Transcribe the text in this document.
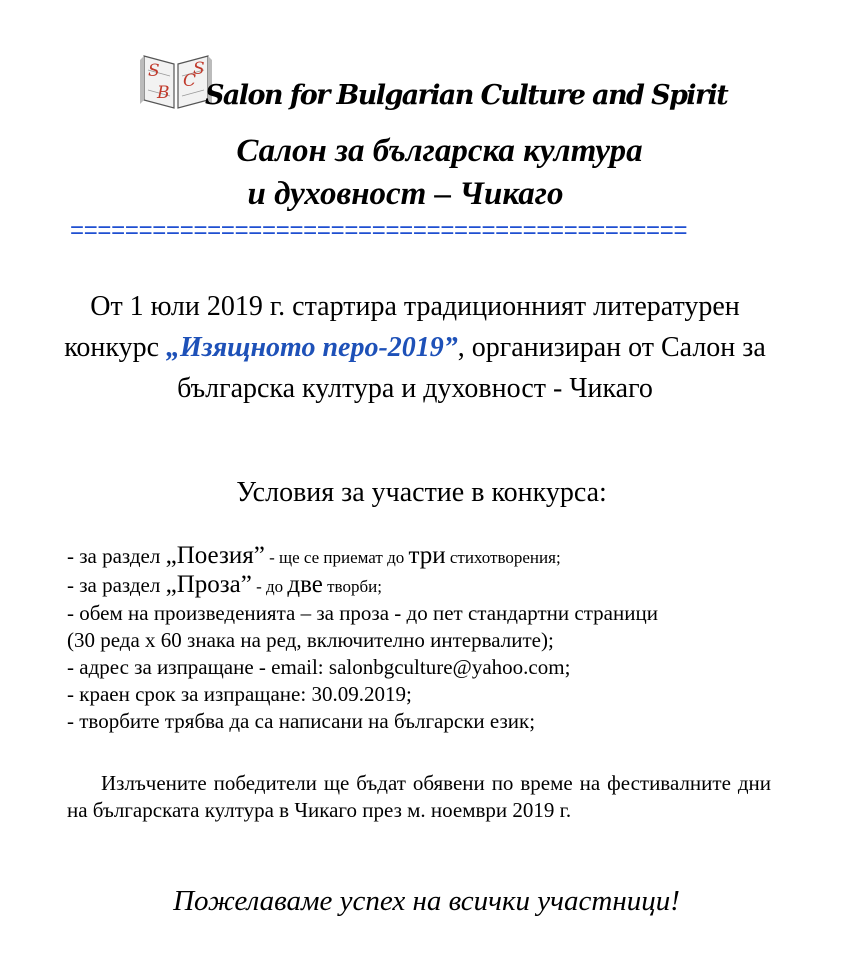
S
B
C
S
Salon for Bulgarian Culture and Spirit
Салон за българска култура
и духовност – Чикаго
=============================================
От 1 юли 2019 г. стартира традиционният литературен конкурс „Изящното перо-2019”, организиран от Салон за българска култура и духовност - Чикаго
Условия за участие в конкурса:
- за раздел „Поезия” - ще се приемат до три стихотворения;
- за раздел „Проза” - до две творби;
- обем на произведенията – за проза - до пет стандартни страници
(30 реда х 60 знака на ред, включително интервалите);
- адрес за изпращане - email: salonbgculture@yahoo.com;
- краен срок за изпращане: 30.09.2019;
- творбите трябва да са написани на български език;
Излъчените победители ще бъдат обявени по време на фестивалните дни на българската култура в Чикаго през м. ноември 2019 г.
Пожелаваме успех на всички участници!
